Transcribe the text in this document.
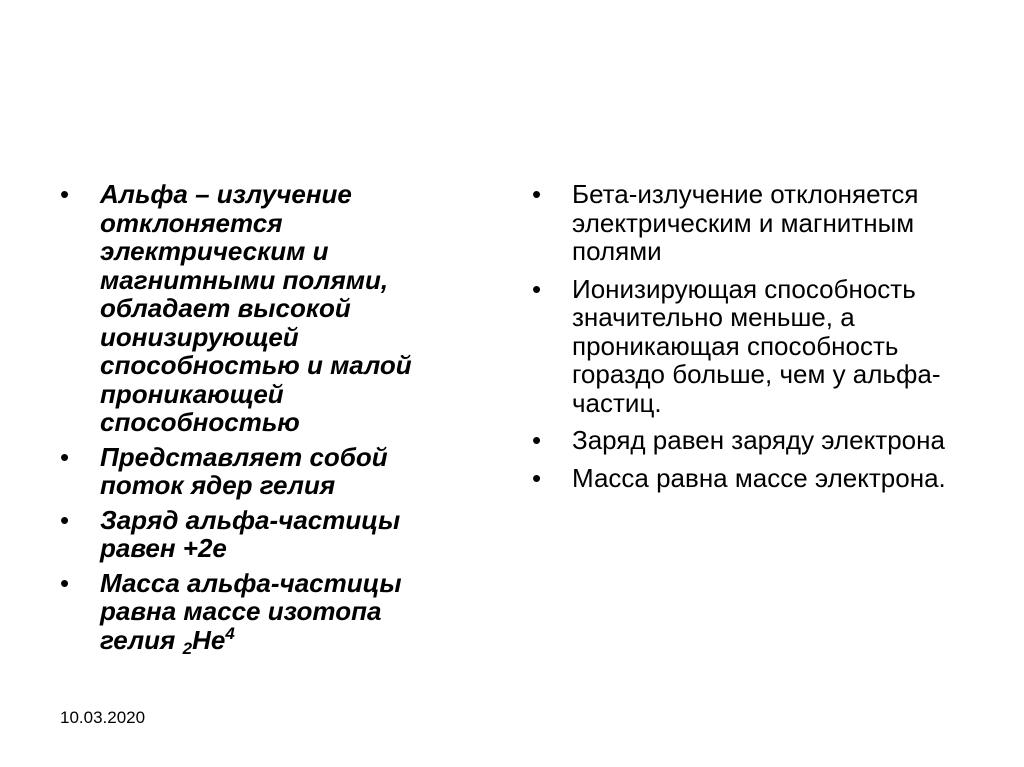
• Альфа – излучение отклоняется электрическим и магнитными полями, обладает высокой ионизирующей способностью и малой проникающей способностью
• Представляет собой поток ядер гелия
• Заряд альфа-частицы равен +2е
• Масса альфа-частицы равна массе изотопа гелия $_2He^4$
• Бета-излучение отклоняется электрическим и магнитным полями
• Ионизирующая способность значительно меньше, а проникающая способность гораздо больше, чем у альфа-частиц.
• Заряд равен заряду электрона
• Масса равна массе электрона.
10.03.2020
